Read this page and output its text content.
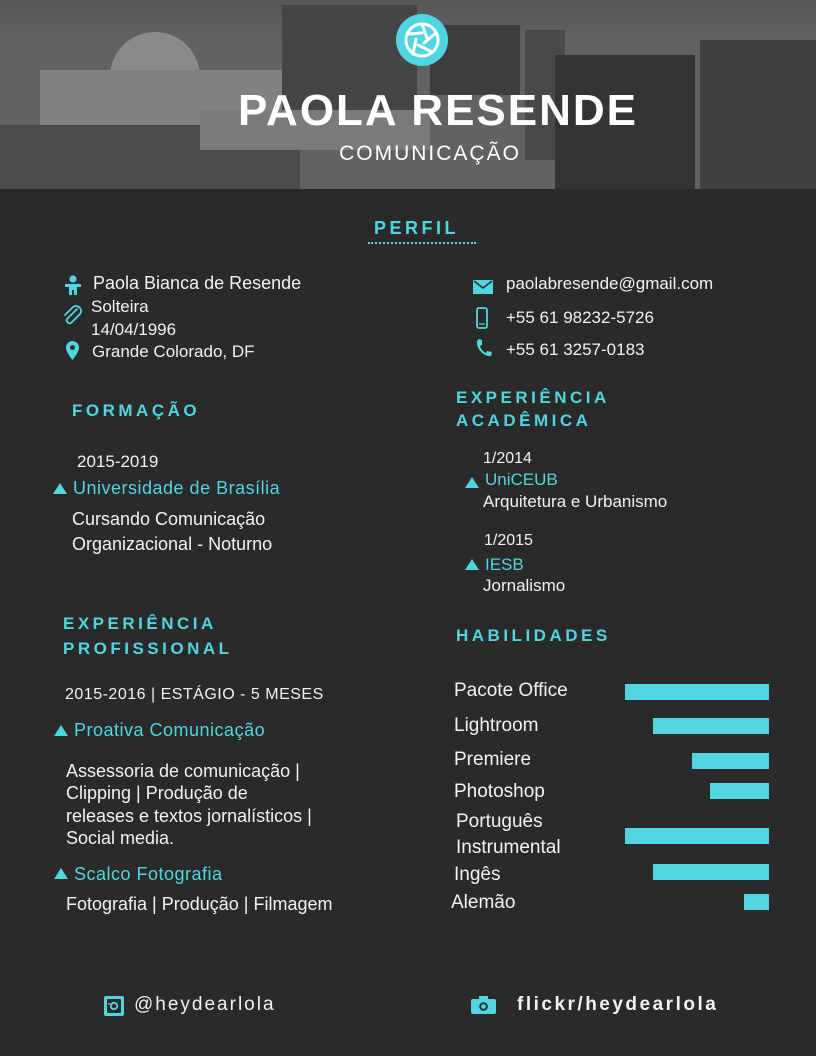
PAOLA RESENDE
COMUNICAÇÃO
PERFIL
Paola Bianca de Resende
Solteira
14/04/1996
Grande Colorado, DF
paolabresende@gmail.com
+55 61 98232-5726
+55 61 3257-0183
FORMAÇÃO
2015-2019
Universidade de Brasília
Cursando Comunicação
Organizacional - Noturno
EXPERIÊNCIA
ACADÊMICA
1/2014
UniCEUB
Arquitetura e Urbanismo
1/2015
IESB
Jornalismo
EXPERIÊNCIA
PROFISSIONAL
2015-2016 | ESTÁGIO - 5 MESES
Proativa Comunicação
Assessoria de comunicação |
Clipping | Produção de
releases e textos jornalísticos |
Social media.
Scalco Fotografia
Fotografia | Produção | Filmagem
HABILIDADES
Pacote Office
Lightroom
Premiere
Photoshop
Português
Instrumental
Ingês
Alemão
@heydearlola	flickr/heydearlola
